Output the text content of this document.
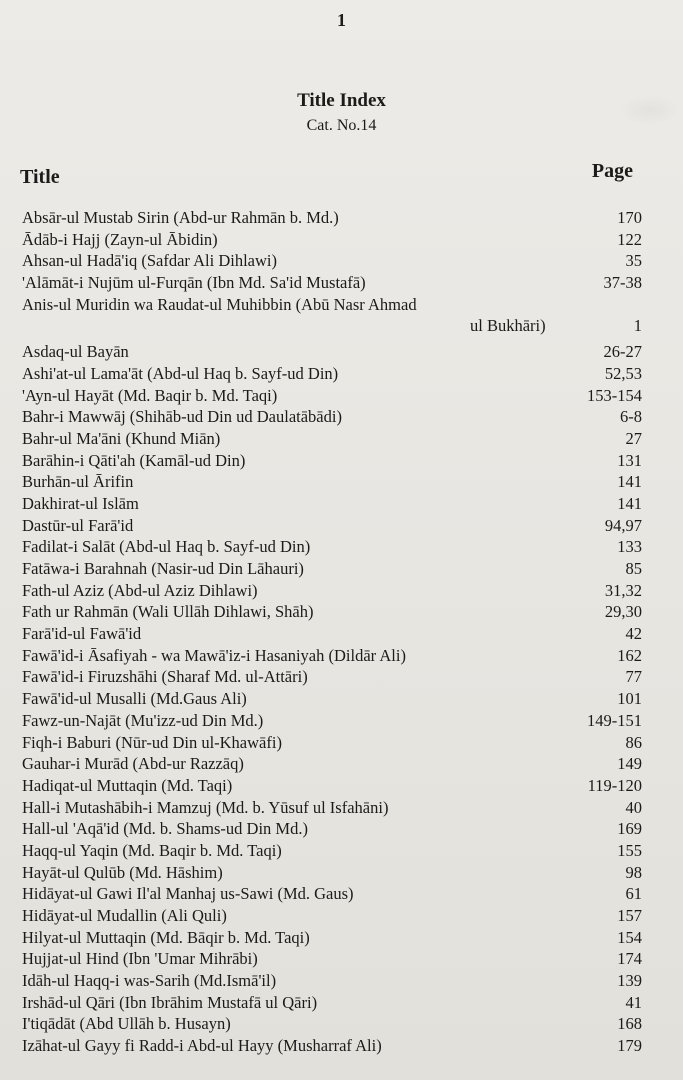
1
Title Index
Cat. No.14
Title	Page
Absār-ul Mustab Sirin (Abd-ur Rahmān b. Md.)	170
Ādāb-i Hajj (Zayn-ul Ābidin)	122
Ahsan-ul Hadā'iq (Safdar Ali Dihlawi)	35
'Alāmāt-i Nujūm ul-Furqān (Ibn Md. Sa'id Mustafā)	37-38
Anis-ul Muridin wa Raudat-ul Muhibbin (Abū Nasr Ahmad
ul Bukhāri)	1
Asdaq-ul Bayān	26-27
Ashi'at-ul Lama'āt (Abd-ul Haq b. Sayf-ud Din)	52,53
'Ayn-ul Hayāt (Md. Baqir b. Md. Taqi)	153-154
Bahr-i Mawwāj (Shihāb-ud Din ud Daulatābādi)	6-8
Bahr-ul Ma'āni (Khund Miān)	27
Barāhin-i Qāti'ah (Kamāl-ud Din)	131
Burhān-ul Ārifin	141
Dakhirat-ul Islām	141
Dastūr-ul Farā'id	94,97
Fadilat-i Salāt (Abd-ul Haq b. Sayf-ud Din)	133
Fatāwa-i Barahnah (Nasir-ud Din Lāhauri)	85
Fath-ul Aziz (Abd-ul Aziz Dihlawi)	31,32
Fath ur Rahmān (Wali Ullāh Dihlawi, Shāh)	29,30
Farā'id-ul Fawā'id	42
Fawā'id-i Āsafiyah - wa Mawā'iz-i Hasaniyah (Dildār Ali)	162
Fawā'id-i Firuzshāhi (Sharaf Md. ul-Attāri)	77
Fawā'id-ul Musalli (Md.Gaus Ali)	101
Fawz-un-Najāt (Mu'izz-ud Din Md.)	149-151
Fiqh-i Baburi (Nūr-ud Din ul-Khawāfi)	86
Gauhar-i Murād (Abd-ur Razzāq)	149
Hadiqat-ul Muttaqin (Md. Taqi)	119-120
Hall-i Mutashābih-i Mamzuj (Md. b. Yūsuf ul Isfahāni)	40
Hall-ul 'Aqā'id (Md. b. Shams-ud Din Md.)	169
Haqq-ul Yaqin (Md. Baqir b. Md. Taqi)	155
Hayāt-ul Qulūb (Md. Hāshim)	98
Hidāyat-ul Gawi Il'al Manhaj us-Sawi (Md. Gaus)	61
Hidāyat-ul Mudallin (Ali Quli)	157
Hilyat-ul Muttaqin (Md. Bāqir b. Md. Taqi)	154
Hujjat-ul Hind (Ibn 'Umar Mihrābi)	174
Idāh-ul Haqq-i was-Sarih (Md.Ismā'il)	139
Irshād-ul Qāri (Ibn Ibrāhim Mustafā ul Qāri)	41
I'tiqādāt (Abd Ullāh b. Husayn)	168
Izāhat-ul Gayy fi Radd-i Abd-ul Hayy (Musharraf Ali)	179
